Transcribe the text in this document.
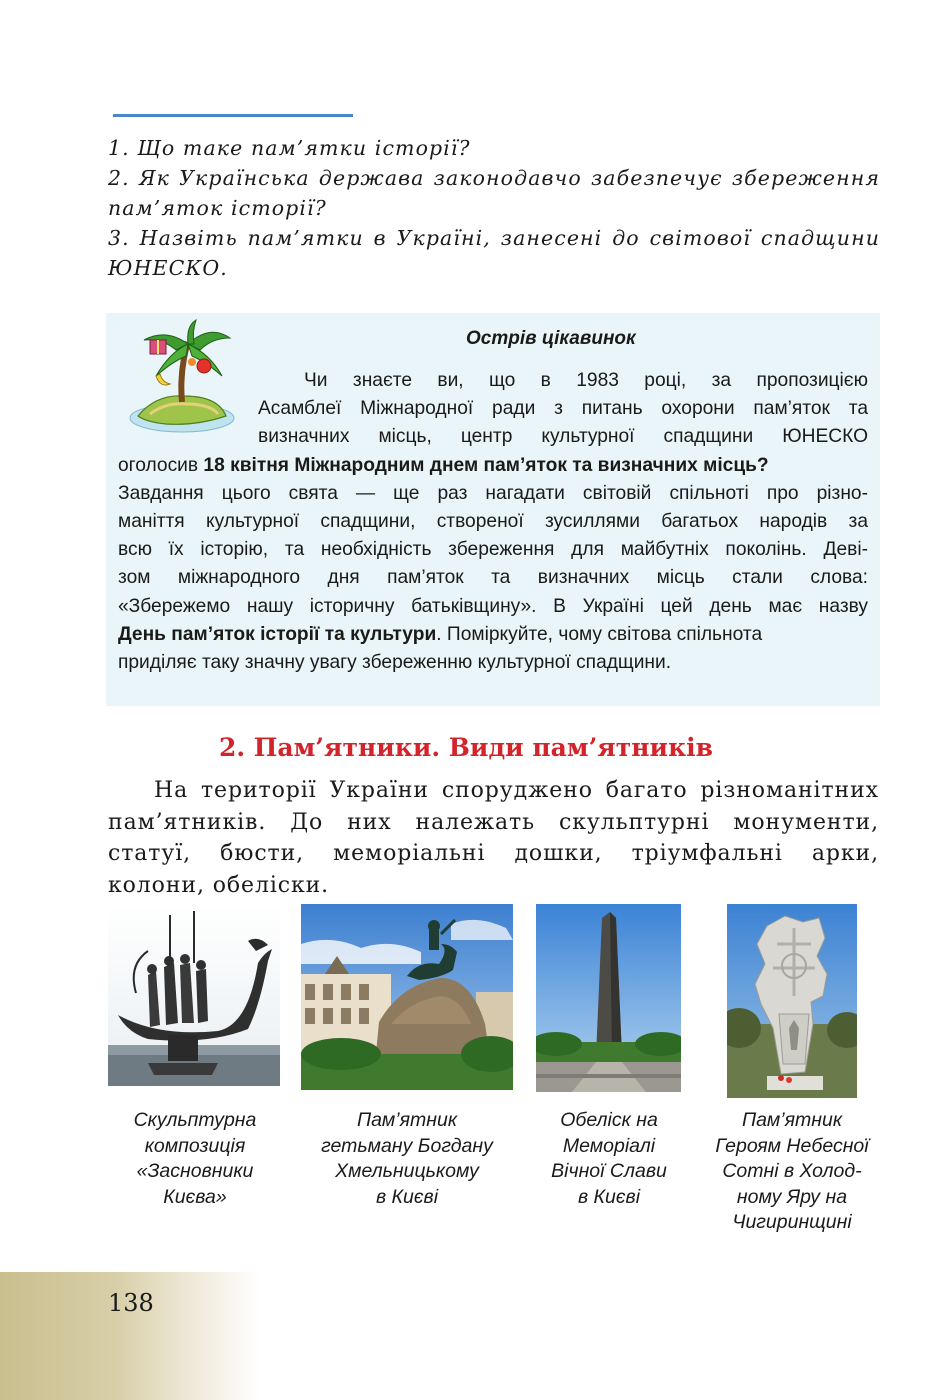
1. Що таке пам’ятки історії?

2. Як Українська держава законодавчо забезпечує збереження

пам’яток історії?

3. Назвіть пам’ятки в Україні, занесені до світової спадщини

ЮНЕСКО.

Острів цікавинок
Чи знаєте ви, що в 1983 році, за пропозицією
Асамблеї Міжнародної ради з питань охорони пам’яток та
визначних місць, центр культурної спадщини ЮНЕСКО
оголосив 18 квітня Міжнародним днем пам’яток та визначних місць?
Завдання цього свята — ще раз нагадати світовій спільноті про різно-
маніття культурної спадщини, створеної зусиллями багатьох народів за
всю їх історію, та необхідність збереження для майбутніх поколінь. Деві-
зом міжнародного дня пам’яток та визначних місць стали слова:
«Збережемо нашу історичну батьківщину». В Україні цей день має назву
День пам’яток історії та культури. Поміркуйте, чому світова спільнота
приділяє таку значну увагу збереженню культурної спадщини.
2. Пам’ятники. Види пам’ятників
На території України споруджено багато різноманітних
пам’ятників. До них належать скульптурні монументи,
статуї, бюсти, меморіальні дошки, тріумфальні арки,
колони, обеліски.
Скульптурна
композиція
«Засновники
Києва»
Пам’ятник
гетьману Богдану
Хмельницькому
в Києві
Обеліск на
Меморіалі
Вічної Слави
в Києві
Пам’ятник
Героям Небесної
Сотні в Холод-
ному Яру на
Чигиринщині
138
